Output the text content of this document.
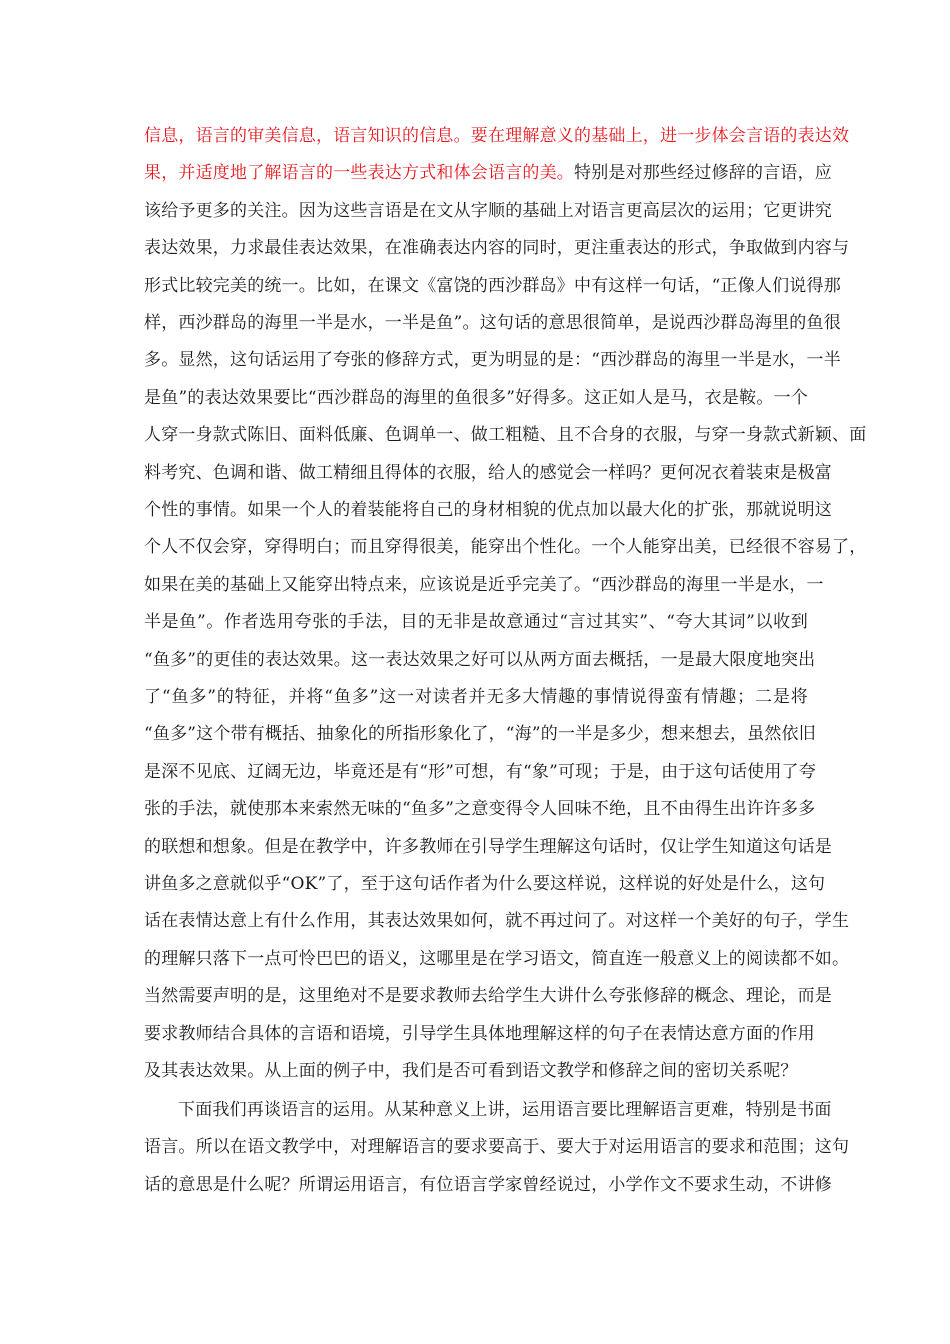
信息，语言的审美信息，语言知识的信息。要在理解意义的基础上，进一步体会言语的表达效
果，并适度地了解语言的一些表达方式和体会语言的美。特别是对那些经过修辞的言语，应
该给予更多的关注。因为这些言语是在文从字顺的基础上对语言更高层次的运用；它更讲究
表达效果，力求最佳表达效果，在准确表达内容的同时，更注重表达的形式，争取做到内容与
形式比较完美的统一。比如，在课文《富饶的西沙群岛》中有这样一句话，“正像人们说得那
样，西沙群岛的海里一半是水，一半是鱼”。这句话的意思很简单，是说西沙群岛海里的鱼很
多。显然，这句话运用了夸张的修辞方式，更为明显的是：“西沙群岛的海里一半是水，一半
是鱼”的表达效果要比“西沙群岛的海里的鱼很多”好得多。这正如人是马，衣是鞍。一个
人穿一身款式陈旧、面料低廉、色调单一、做工粗糙、且不合身的衣服，与穿一身款式新颖、面
料考究、色调和谐、做工精细且得体的衣服，给人的感觉会一样吗？更何况衣着装束是极富
个性的事情。如果一个人的着装能将自己的身材相貌的优点加以最大化的扩张，那就说明这
个人不仅会穿，穿得明白；而且穿得很美，能穿出个性化。一个人能穿出美，已经很不容易了，
如果在美的基础上又能穿出特点来，应该说是近乎完美了。“西沙群岛的海里一半是水，一
半是鱼”。作者选用夸张的手法，目的无非是故意通过“言过其实”、“夸大其词”以收到
“鱼多”的更佳的表达效果。这一表达效果之好可以从两方面去概括，一是最大限度地突出
了“鱼多”的特征，并将“鱼多”这一对读者并无多大情趣的事情说得蛮有情趣；二是将
“鱼多”这个带有概括、抽象化的所指形象化了，“海”的一半是多少，想来想去，虽然依旧
是深不见底、辽阔无边，毕竟还是有“形”可想，有“象”可现；于是，由于这句话使用了夸
张的手法，就使那本来索然无味的“鱼多”之意变得令人回味不绝，且不由得生出许许多多
的联想和想象。但是在教学中，许多教师在引导学生理解这句话时，仅让学生知道这句话是
讲鱼多之意就似乎“OK”了，至于这句话作者为什么要这样说，这样说的好处是什么，这句
话在表情达意上有什么作用，其表达效果如何，就不再过问了。对这样一个美好的句子，学生
的理解只落下一点可怜巴巴的语义，这哪里是在学习语文，简直连一般意义上的阅读都不如。
当然需要声明的是，这里绝对不是要求教师去给学生大讲什么夸张修辞的概念、理论，而是
要求教师结合具体的言语和语境，引导学生具体地理解这样的句子在表情达意方面的作用
及其表达效果。从上面的例子中，我们是否可看到语文教学和修辞之间的密切关系呢？
下面我们再谈语言的运用。从某种意义上讲，运用语言要比理解语言更难，特别是书面
语言。所以在语文教学中，对理解语言的要求要高于、要大于对运用语言的要求和范围；这句
话的意思是什么呢？所谓运用语言，有位语言学家曾经说过，小学作文不要求生动，不讲修
